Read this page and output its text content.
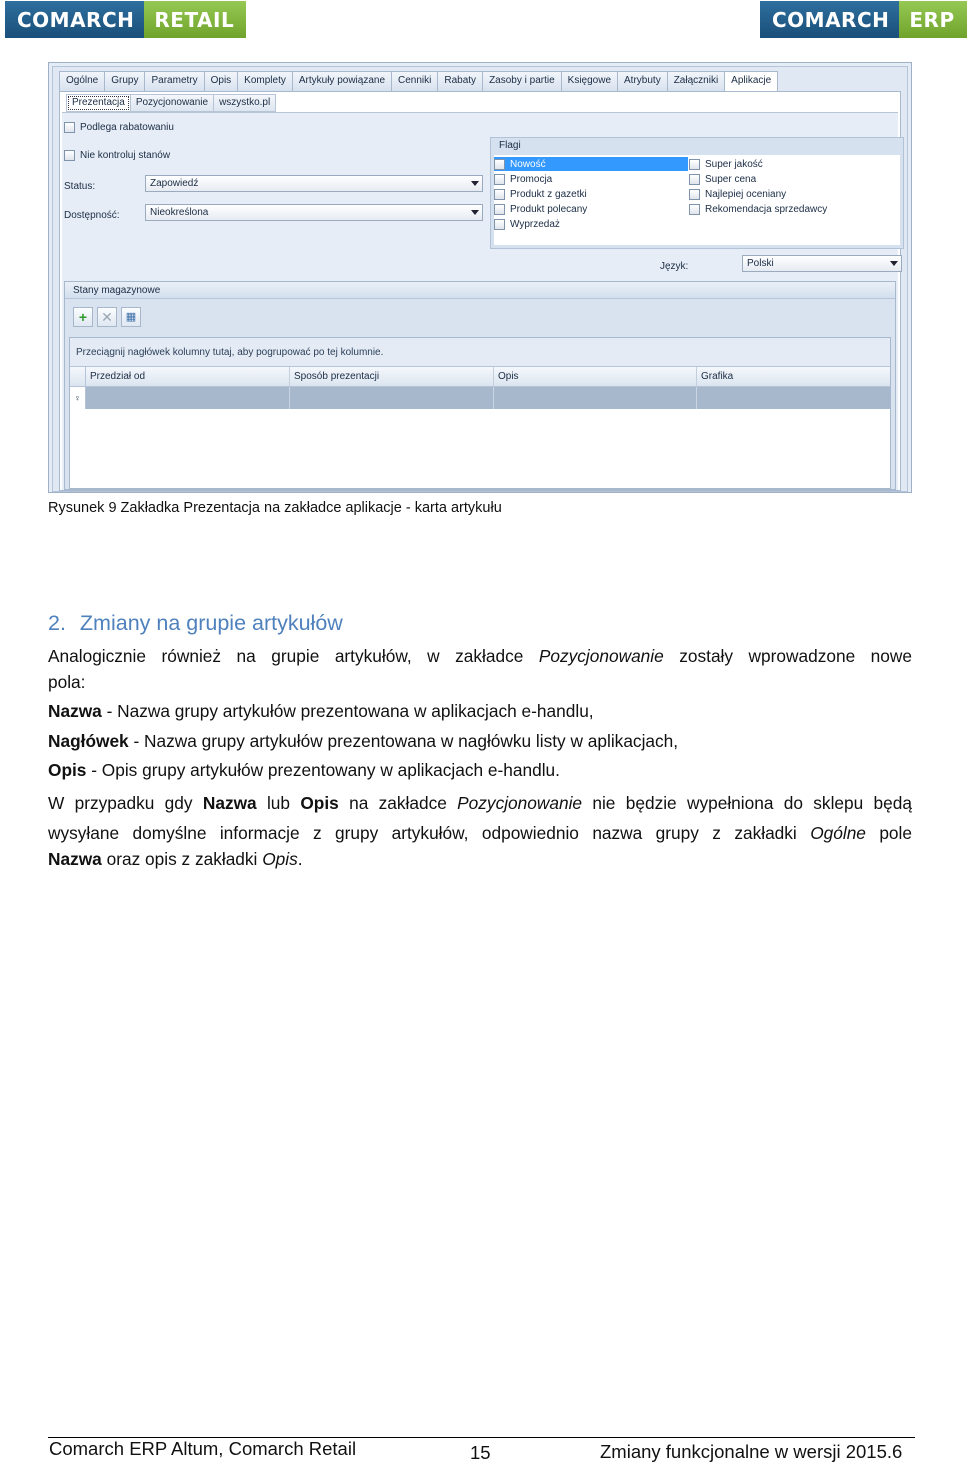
COMARCH	RETAIL	COMARCH	ERP
Ogólne	Grupy	Parametry	Opis	Komplety	Artykuły powiązane	Cenniki	Rabaty	Zasoby i partie	Księgowe	Atrybuty	Załączniki	Aplikacje
Prezentacja	Pozycjonowanie	wszystko.pl
Podlega rabatowaniu
Nie kontroluj stanów
Status:	Zapowiedź
Dostępność:	Nieokreślona
Flagi
Nowość
Promocja
Produkt z gazetki
Produkt polecany
Wyprzedaż
Super jakość
Super cena
Najlepiej oceniany
Rekomendacja sprzedawcy
Język:	Polski
Stany magazynowe
+ ✕ ▦
Przeciągnij nagłówek kolumny tutaj, aby pogrupować po tej kolumnie.
Przedział od	Sposób prezentacji	Opis	Grafika
♀
Rysunek 9 Zakładka Prezentacja na zakładce aplikacje - karta artykułu
2. Zmiany na grupie artykułów
Analogicznie również na grupie artykułów, w zakładce Pozycjonowanie zostały wprowadzone nowe
pola:
Nazwa - Nazwa grupy artykułów prezentowana w aplikacjach e-handlu,
Nagłówek - Nazwa grupy artykułów prezentowana w nagłówku listy w aplikacjach,
Opis - Opis grupy artykułów prezentowany w aplikacjach e-handlu.
W przypadku gdy Nazwa lub Opis na zakładce Pozycjonowanie nie będzie wypełniona do sklepu będą
wysyłane domyślne informacje z grupy artykułów, odpowiednio nazwa grupy z zakładki Ogólne pole
Nazwa oraz opis z zakładki Opis.
Comarch ERP Altum, Comarch Retail	15	Zmiany funkcjonalne w wersji 2015.6
